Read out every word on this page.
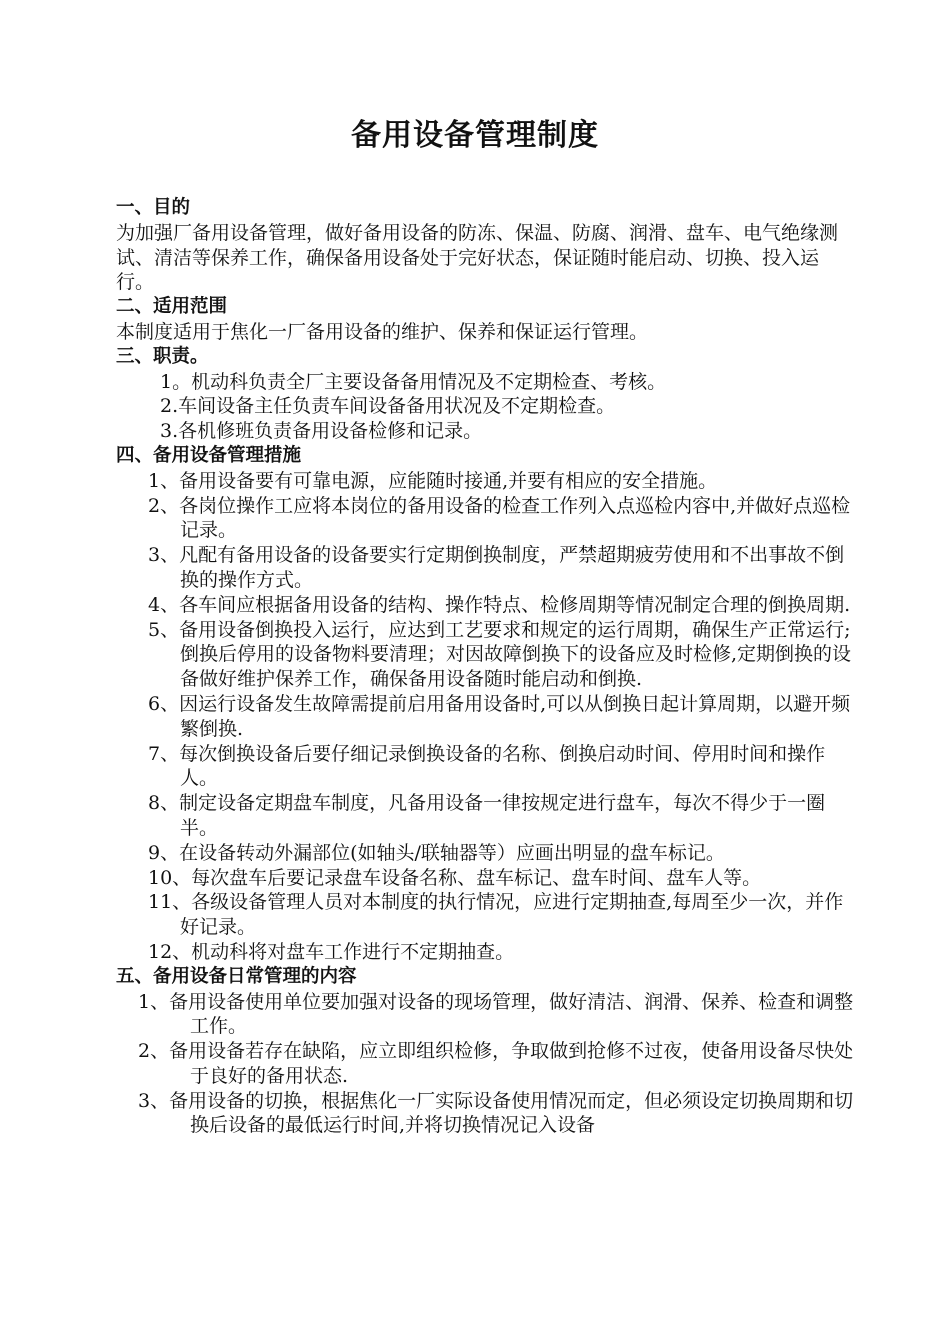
备用设备管理制度
一、目的

为加强厂备用设备管理，做好备用设备的防冻、保温、防腐、润滑、盘车、电气绝缘测试、清洁等保养工作，确保备用设备处于完好状态，保证随时能启动、切换、投入运行。

二、适用范围

本制度适用于焦化一厂备用设备的维护、保养和保证运行管理。

三、职责。
1。机动科负责全厂主要设备备用情况及不定期检查、考核。
2.车间设备主任负责车间设备备用状况及不定期检查。
3.各机修班负责备用设备检修和记录。
四、备用设备管理措施
1、备用设备要有可靠电源，应能随时接通,并要有相应的安全措施。
2、各岗位操作工应将本岗位的备用设备的检查工作列入点巡检内容中,并做好点巡检记录。
3、凡配有备用设备的设备要实行定期倒换制度，严禁超期疲劳使用和不出事故不倒换的操作方式。
4、各车间应根据备用设备的结构、操作特点、检修周期等情况制定合理的倒换周期.
5、备用设备倒换投入运行，应达到工艺要求和规定的运行周期，确保生产正常运行;倒换后停用的设备物料要清理；对因故障倒换下的设备应及时检修,定期倒换的设备做好维护保养工作，确保备用设备随时能启动和倒换.
6、因运行设备发生故障需提前启用备用设备时,可以从倒换日起计算周期，以避开频繁倒换.
7、每次倒换设备后要仔细记录倒换设备的名称、倒换启动时间、停用时间和操作人。
8、制定设备定期盘车制度，凡备用设备一律按规定进行盘车，每次不得少于一圈半。
9、在设备转动外漏部位(如轴头/联轴器等）应画出明显的盘车标记。
10、每次盘车后要记录盘车设备名称、盘车标记、盘车时间、盘车人等。
11、各级设备管理人员对本制度的执行情况，应进行定期抽查,每周至少一次，并作好记录。
12、机动科将对盘车工作进行不定期抽查。
五、备用设备日常管理的内容
1、备用设备使用单位要加强对设备的现场管理，做好清洁、润滑、保养、检查和调整工作。
2、备用设备若存在缺陷，应立即组织检修，争取做到抢修不过夜，使备用设备尽快处于良好的备用状态.
3、备用设备的切换，根据焦化一厂实际设备使用情况而定，但必须设定切换周期和切换后设备的最低运行时间,并将切换情况记入设备
